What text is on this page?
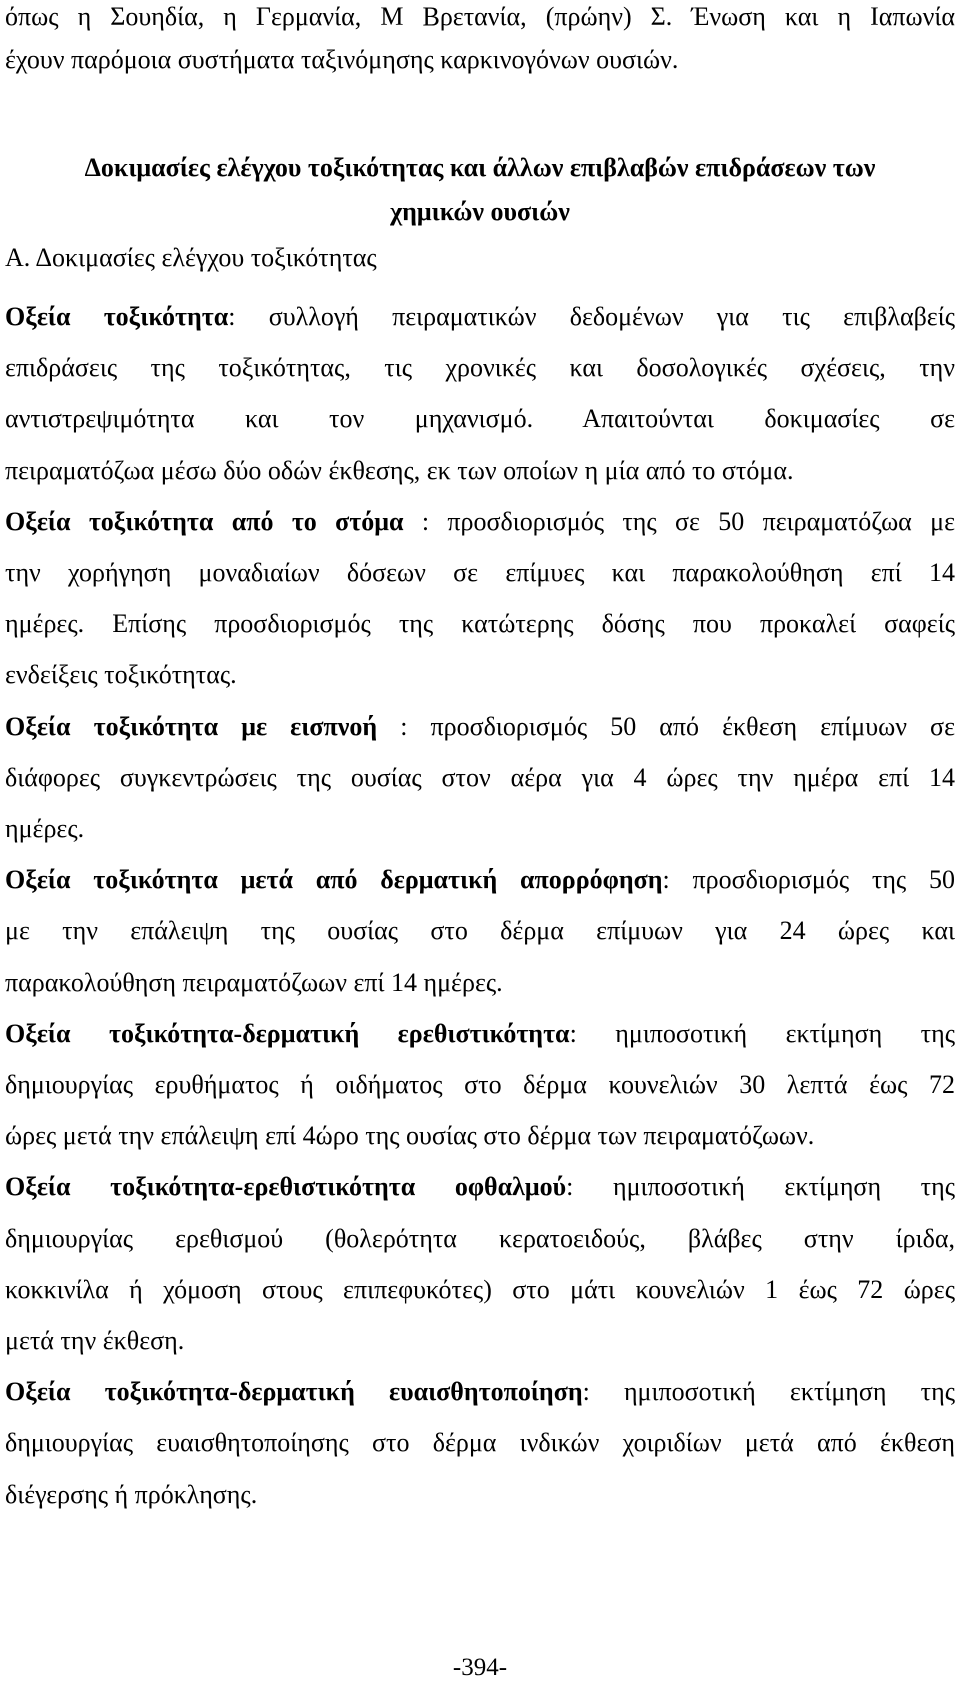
όπως η Σουηδία, η Γερμανία, Μ Βρετανία, (πρώην) Σ. Ένωση και η Ιαπωνία
έχουν παρόμοια συστήματα ταξινόμησης καρκινογόνων ουσιών.
Δοκιμασίες ελέγχου τοξικότητας και άλλων επιβλαβών επιδράσεων των
χημικών ουσιών
Α. Δοκιμασίες ελέγχου τοξικότητας
Οξεία τοξικότητα: συλλογή πειραματικών δεδομένων για τις επιβλαβείς
επιδράσεις της τοξικότητας, τις χρονικές και δοσολογικές σχέσεις, την
αντιστρεψιμότητα και τον μηχανισμό. Απαιτούνται δοκιμασίες σε
πειραματόζωα μέσω δύο οδών έκθεσης, εκ των οποίων η μία από το στόμα.
Οξεία τοξικότητα από το στόμα : προσδιορισμός της σε 50 πειραματόζωα με
την χορήγηση μοναδιαίων δόσεων σε επίμυες και παρακολούθηση επί 14
ημέρες. Επίσης προσδιορισμός της κατώτερης δόσης που προκαλεί σαφείς
ενδείξεις τοξικότητας.
Οξεία τοξικότητα με εισπνοή : προσδιορισμός 50 από έκθεση επίμυων σε
διάφορες συγκεντρώσεις της ουσίας στον αέρα για 4 ώρες την ημέρα επί 14
ημέρες.
Οξεία τοξικότητα μετά από δερματική απορρόφηση: προσδιορισμός της 50
με την επάλειψη της ουσίας στο δέρμα επίμυων για 24 ώρες και
παρακολούθηση πειραματόζωων επί 14 ημέρες.
Οξεία τοξικότητα-δερματική ερεθιστικότητα: ημιποσοτική εκτίμηση της
δημιουργίας ερυθήματος ή οιδήματος στο δέρμα κουνελιών 30 λεπτά έως 72
ώρες μετά την επάλειψη επί 4ώρο της ουσίας στο δέρμα των πειραματόζωων.
Οξεία τοξικότητα-ερεθιστικότητα οφθαλμού: ημιποσοτική εκτίμηση της
δημιουργίας ερεθισμού (θολερότητα κερατοειδούς, βλάβες στην ίριδα,
κοκκινίλα ή χόμοση στους επιπεφυκότες) στο μάτι κουνελιών 1 έως 72 ώρες
μετά την έκθεση.
Οξεία τοξικότητα-δερματική ευαισθητοποίηση: ημιποσοτική εκτίμηση της
δημιουργίας ευαισθητοποίησης στο δέρμα ινδικών χοιριδίων μετά από έκθεση
διέγερσης ή πρόκλησης.
-394-
